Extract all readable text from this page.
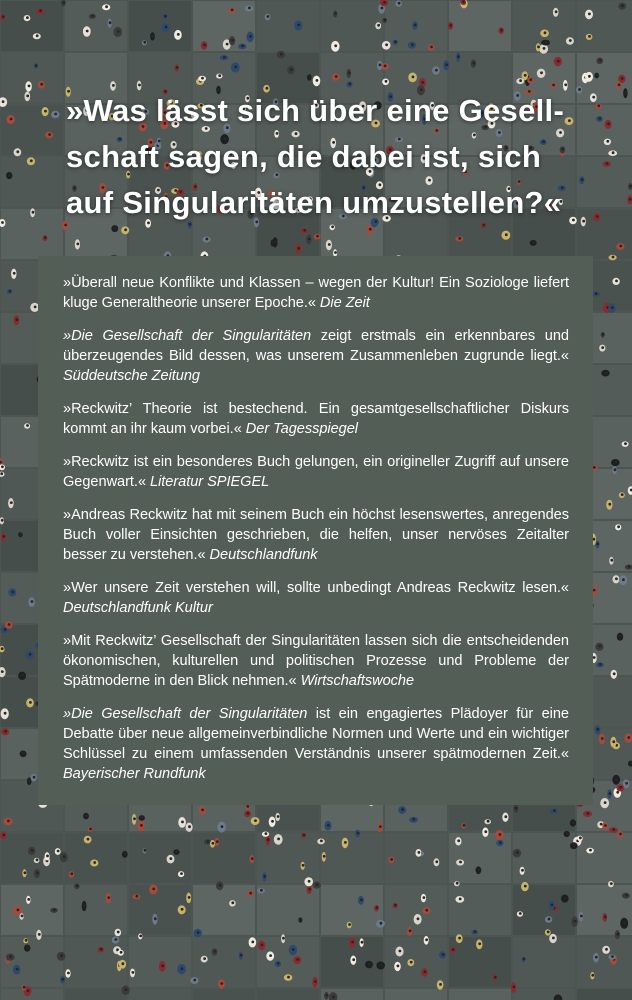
»Was lässt sich über eine Gesell-
schaft sagen, die dabei ist, sich
auf Singularitäten umzustellen?«

»Überall neue Konflikte und Klassen – wegen der Kultur! Ein Soziologe liefert kluge Generaltheorie unserer Epoche.« Die Zeit

»Die Gesellschaft der Singularitäten zeigt erstmals ein erkennbares und überzeugendes Bild dessen, was unserem Zusammenleben zugrunde liegt.« Süddeutsche Zeitung

»Reckwitz’ Theorie ist bestechend. Ein gesamtgesellschaftlicher Diskurs kommt an ihr kaum vorbei.« Der Tagesspiegel

»Reckwitz ist ein besonderes Buch gelungen, ein origineller Zugriff auf unsere Gegenwart.« Literatur SPIEGEL

»Andreas Reckwitz hat mit seinem Buch ein höchst lesenswertes, anregendes Buch voller Einsichten geschrieben, die helfen, unser nervöses Zeitalter besser zu verstehen.« Deutschlandfunk

»Wer unsere Zeit verstehen will, sollte unbedingt Andreas Reckwitz lesen.« Deutschlandfunk Kultur

»Mit Reckwitz’ Gesellschaft der Singularitäten lassen sich die entscheidenden ökonomischen, kulturellen und politischen Prozesse und Probleme der Spätmoderne in den Blick nehmen.« Wirtschaftswoche

»Die Gesellschaft der Singularitäten ist ein engagiertes Plädoyer für eine Debatte über neue allgemeinverbindliche Normen und Werte und ein wichtiger Schlüssel zu einem umfassenden Verständnis unserer spätmodernen Zeit.« Bayerischer Rundfunk
